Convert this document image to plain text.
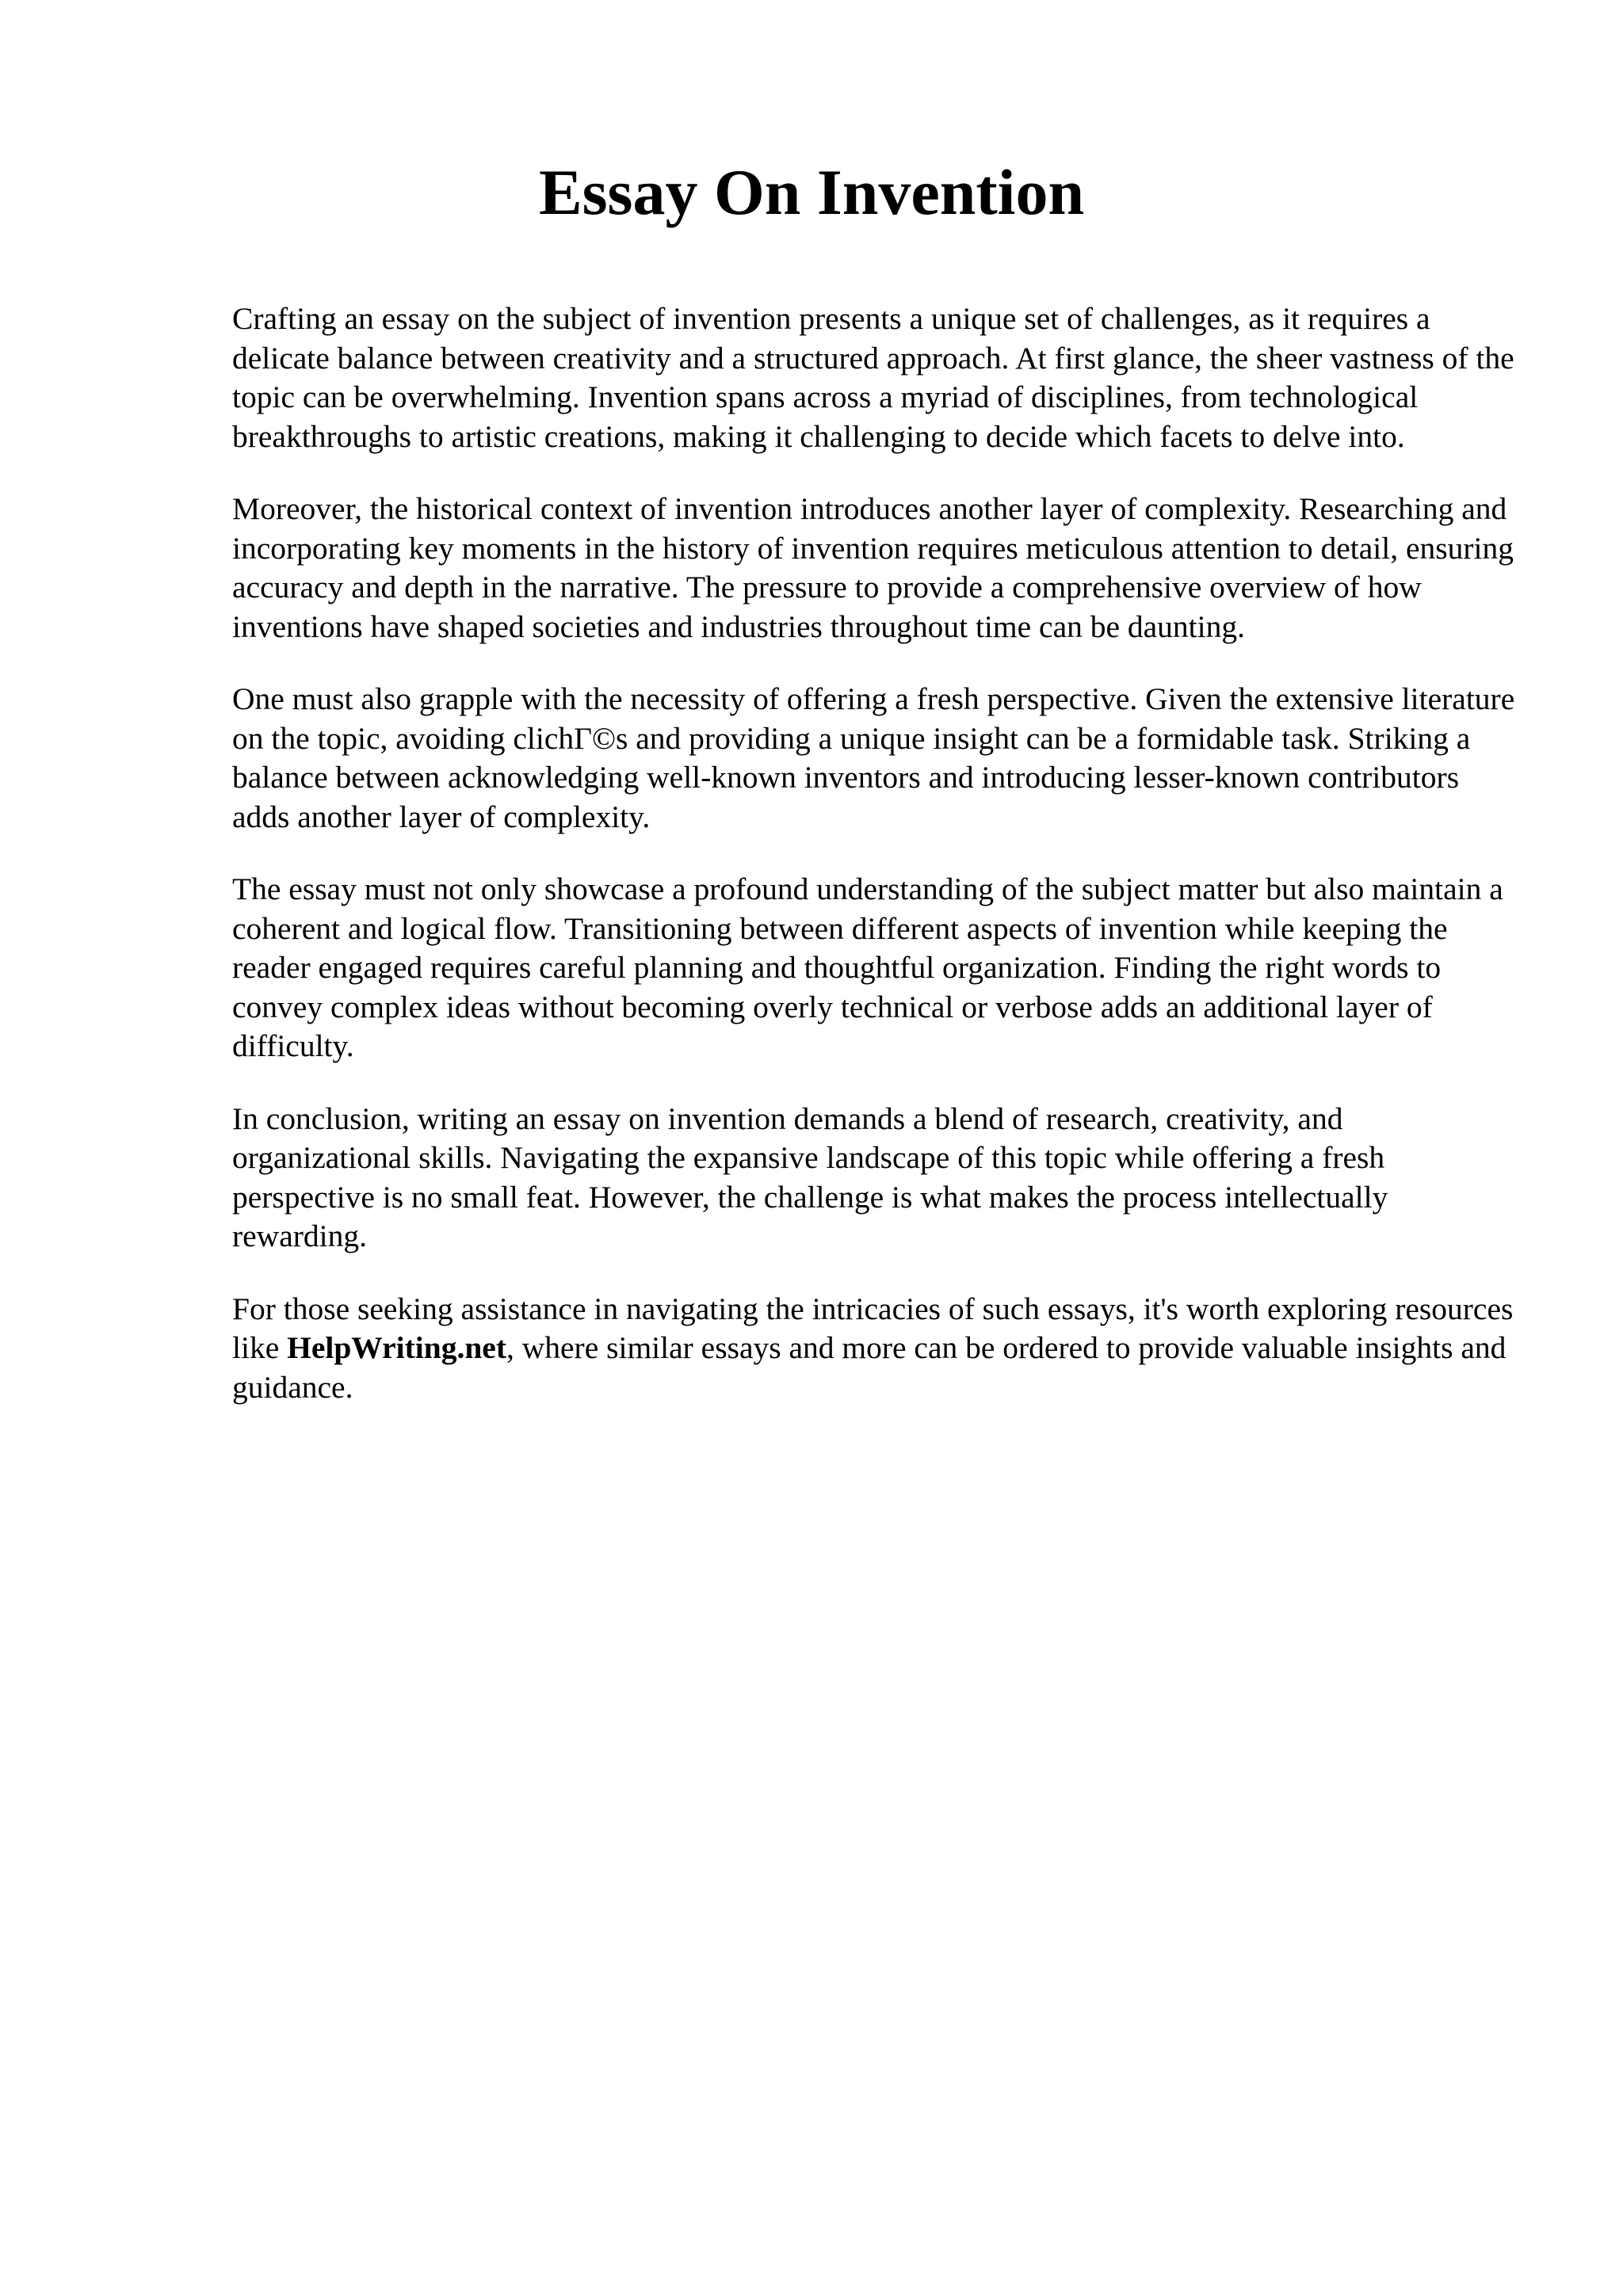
Essay On Invention

Crafting an essay on the subject of invention presents a unique set of challenges, as it requires a delicate balance between creativity and a structured approach. At first glance, the sheer vastness of the topic can be overwhelming. Invention spans across a myriad of disciplines, from technological breakthroughs to artistic creations, making it challenging to decide which facets to delve into.

Moreover, the historical context of invention introduces another layer of complexity. Researching and incorporating key moments in the history of invention requires meticulous attention to detail, ensuring accuracy and depth in the narrative. The pressure to provide a comprehensive overview of how inventions have shaped societies and industries throughout time can be daunting.

One must also grapple with the necessity of offering a fresh perspective. Given the extensive literature on the topic, avoiding clichΓ©s and providing a unique insight can be a formidable task. Striking a balance between acknowledging well-known inventors and introducing lesser-known contributors adds another layer of complexity.

The essay must not only showcase a profound understanding of the subject matter but also maintain a coherent and logical flow. Transitioning between different aspects of invention while keeping the reader engaged requires careful planning and thoughtful organization. Finding the right words to convey complex ideas without becoming overly technical or verbose adds an additional layer of difficulty.

In conclusion, writing an essay on invention demands a blend of research, creativity, and organizational skills. Navigating the expansive landscape of this topic while offering a fresh perspective is no small feat. However, the challenge is what makes the process intellectually rewarding.

For those seeking assistance in navigating the intricacies of such essays, it's worth exploring resources like HelpWriting.net, where similar essays and more can be ordered to provide valuable insights and guidance.
